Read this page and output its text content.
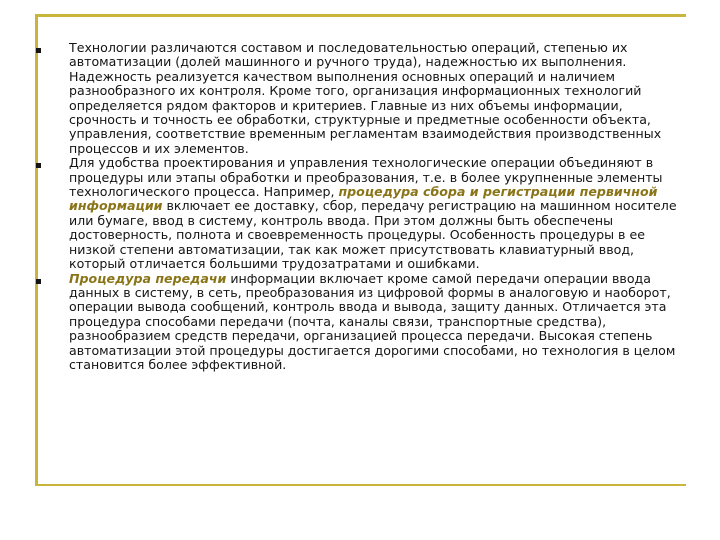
Технологии различаются составом и последовательностью операций, степенью их автоматизации (долей машинного и ручного труда), надежностью их выполнения. Надежность реализуется качеством выполнения основных операций и наличием разнообразного их контроля. Кроме того, организация информационных технологий определяется рядом факторов и критериев. Главные из них объемы информации, срочность и точность ее обработки, структурные и предметные особенности объекта, управления, соответствие временным регламентам взаимодействия производственных процессов и их элементов.
Для удобства проектирования и управления технологические операции объединяют в процедуры или этапы обработки и преобразования, т.е. в более укрупненные элементы технологического процесса. Например, процедура сбора и регистрации первичной информации включает ее доставку, сбор, передачу регистрацию на машинном носителе или бумаге, ввод в систему, контроль ввода. При этом должны быть обеспечены достоверность, полнота и своевременность процедуры. Особенность процедуры в ее низкой степени автоматизации, так как может присутствовать клавиатурный ввод, который отличается большими трудозатратами и ошибками.
Процедура передачи информации включает кроме самой передачи операции ввода данных в систему, в сеть, преобразования из цифровой формы в аналоговую и наоборот, операции вывода сообщений, контроль ввода и вывода, защиту данных. Отличается эта процедура способами передачи (почта, каналы связи, транспортные средства), разнообразием средств передачи, организацией процесса передачи. Высокая степень автоматизации этой процедуры достигается дорогими способами, но технология в целом становится более эффективной.
